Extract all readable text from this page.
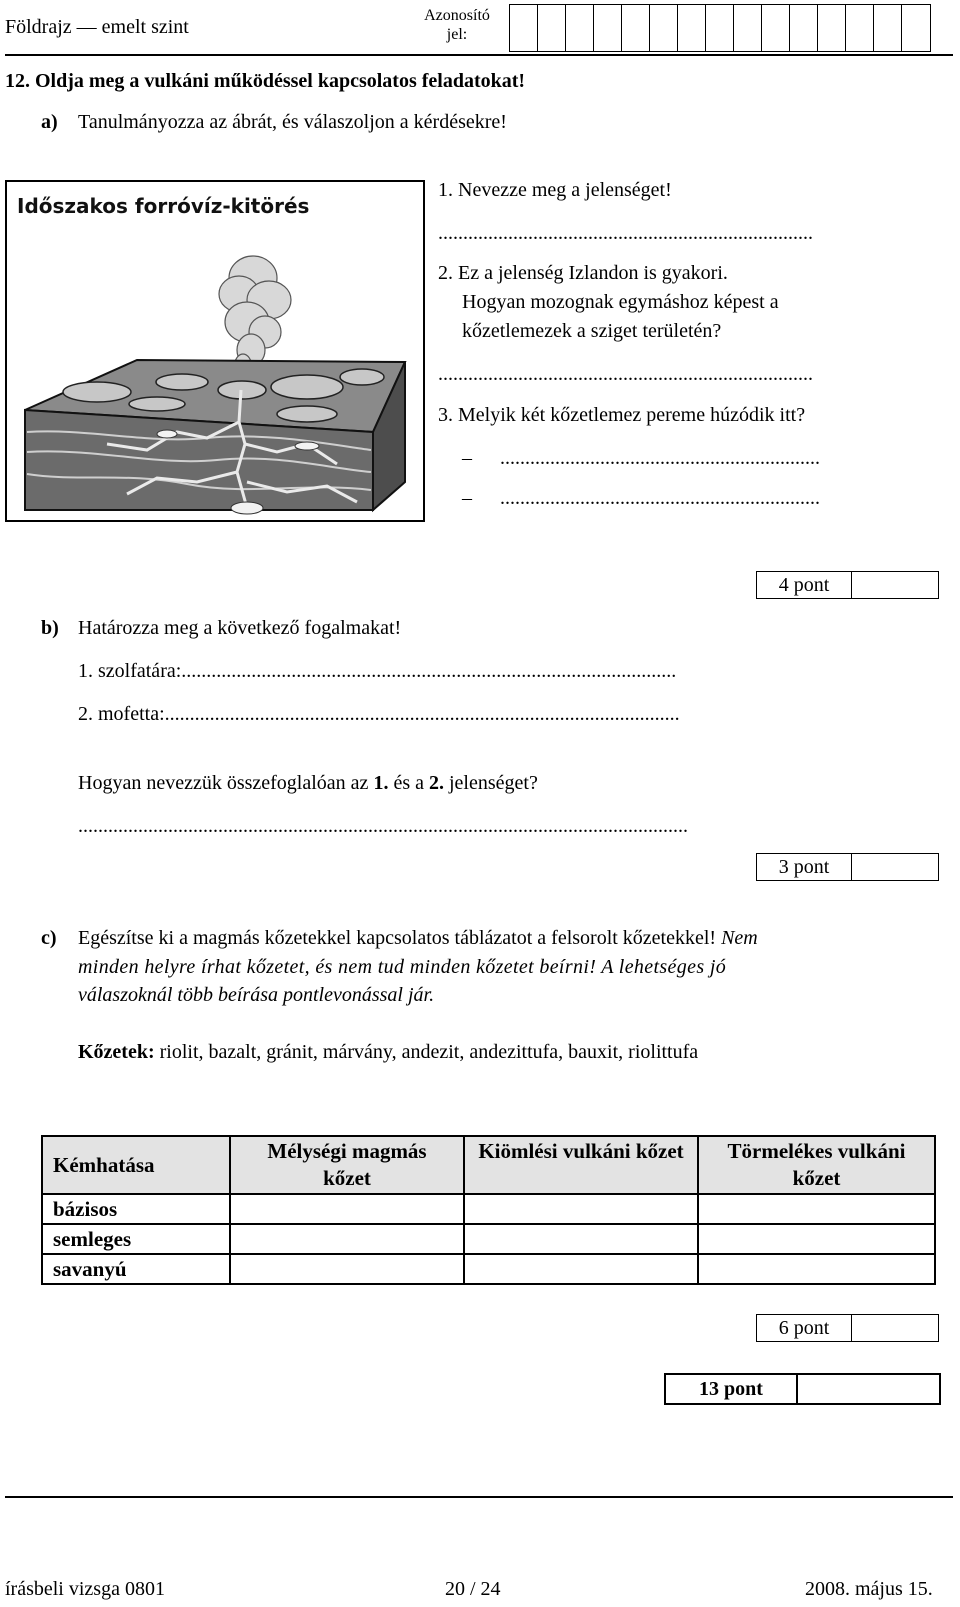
Földrajz — emelt szint
Azonosító
jel:
12. Oldja meg a vulkáni működéssel kapcsolatos feladatokat!
a) Tanulmányozza az ábrát, és válaszoljon a kérdésekre!
Időszakos forróvíz-kitörés
1. Nevezze meg a jelenséget!
...........................................................................
2. Ez a jelenség Izlandon is gyakori.
Hogyan mozognak egymáshoz képest a
kőzetlemezek a sziget területén?
...........................................................................
3. Melyik két kőzetlemez pereme húzódik itt?
– ................................................................
– ................................................................
4 pont
b) Határozza meg a következő fogalmakat!
1. szolfatára:...................................................................................................
2. mofetta:.......................................................................................................
Hogyan nevezzük összefoglalóan az 1. és a 2. jelenséget?
..........................................................................................................................
3 pont
c) Egészítse ki a magmás kőzetekkel kapcsolatos táblázatot a felsorolt kőzetekkel! Nem
minden helyre írhat kőzetet, és nem tud minden kőzetet beírni! A lehetséges jó
válaszoknál több beírása pontlevonással jár.
Kőzetek: riolit, bazalt, gránit, márvány, andezit, andezittufa, bauxit, riolittufa
Kémhatása	Mélységi magmás kőzet	Kiömlési vulkáni kőzet	Törmelékes vulkáni kőzet
bázisos			
semleges			
savanyú			
6 pont
13 pont
írásbeli vizsga 0801	20 / 24	2008. május 15.
